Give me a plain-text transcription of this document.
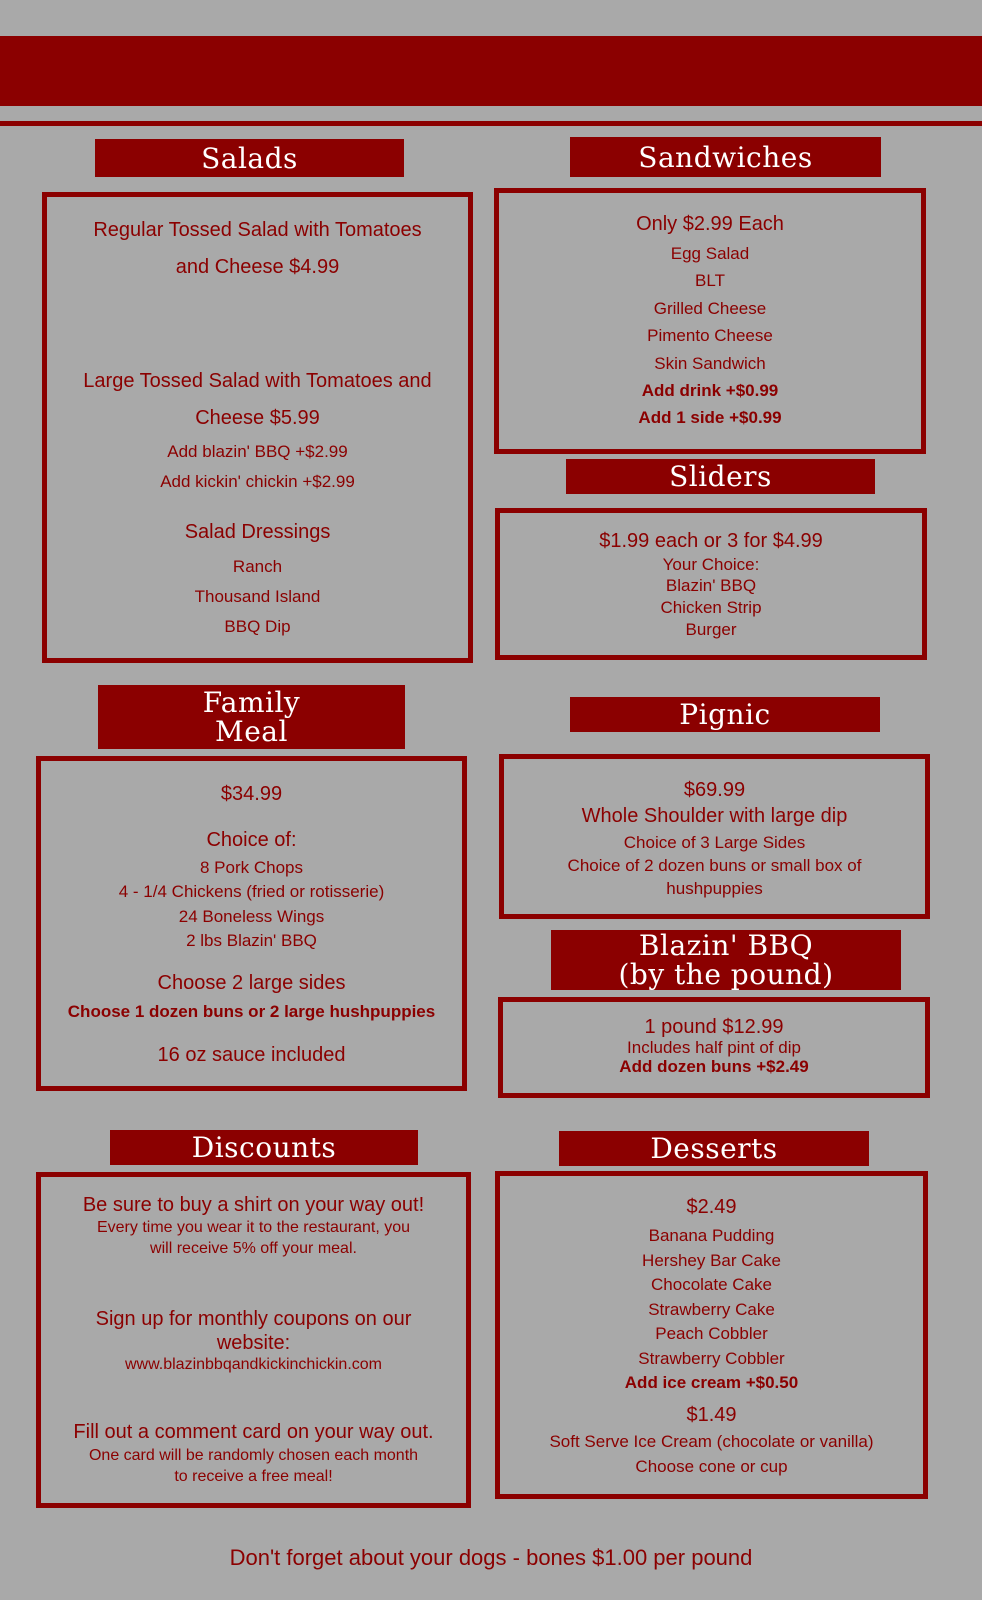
Salads
Regular Tossed Salad with Tomatoes
and Cheese $4.99
Large Tossed Salad with Tomatoes and
Cheese $5.99
Add blazin' BBQ +$2.99
Add kickin' chickin +$2.99
Salad Dressings
Ranch
Thousand Island
BBQ Dip
Sandwiches
Only $2.99 Each
Egg Salad
BLT
Grilled Cheese
Pimento Cheese
Skin Sandwich
Add drink +$0.99
Add 1 side +$0.99
Sliders
$1.99 each or 3 for $4.99
Your Choice:
Blazin' BBQ
Chicken Strip
Burger
Family
Meal
$34.99
Choice of:
8 Pork Chops
4 - 1/4 Chickens (fried or rotisserie)
24 Boneless Wings
2 lbs Blazin' BBQ
Choose 2 large sides
Choose 1 dozen buns or 2 large hushpuppies
16 oz sauce included
Pignic
$69.99
Whole Shoulder with large dip
Choice of 3 Large Sides
Choice of 2 dozen buns or small box of
hushpuppies
Blazin' BBQ
(by the pound)
1 pound $12.99
Includes half pint of dip
Add dozen buns +$2.49
Discounts
Be sure to buy a shirt on your way out!
Every time you wear it to the restaurant, you
will receive 5% off your meal.
Sign up for monthly coupons on our
website:
www.blazinbbqandkickinchickin.com
Fill out a comment card on your way out.
One card will be randomly chosen each month
to receive a free meal!
Desserts
$2.49
Banana Pudding
Hershey Bar Cake
Chocolate Cake
Strawberry Cake
Peach Cobbler
Strawberry Cobbler
Add ice cream +$0.50
$1.49
Soft Serve Ice Cream (chocolate or vanilla)
Choose cone or cup
Don't forget about your dogs - bones $1.00 per pound
